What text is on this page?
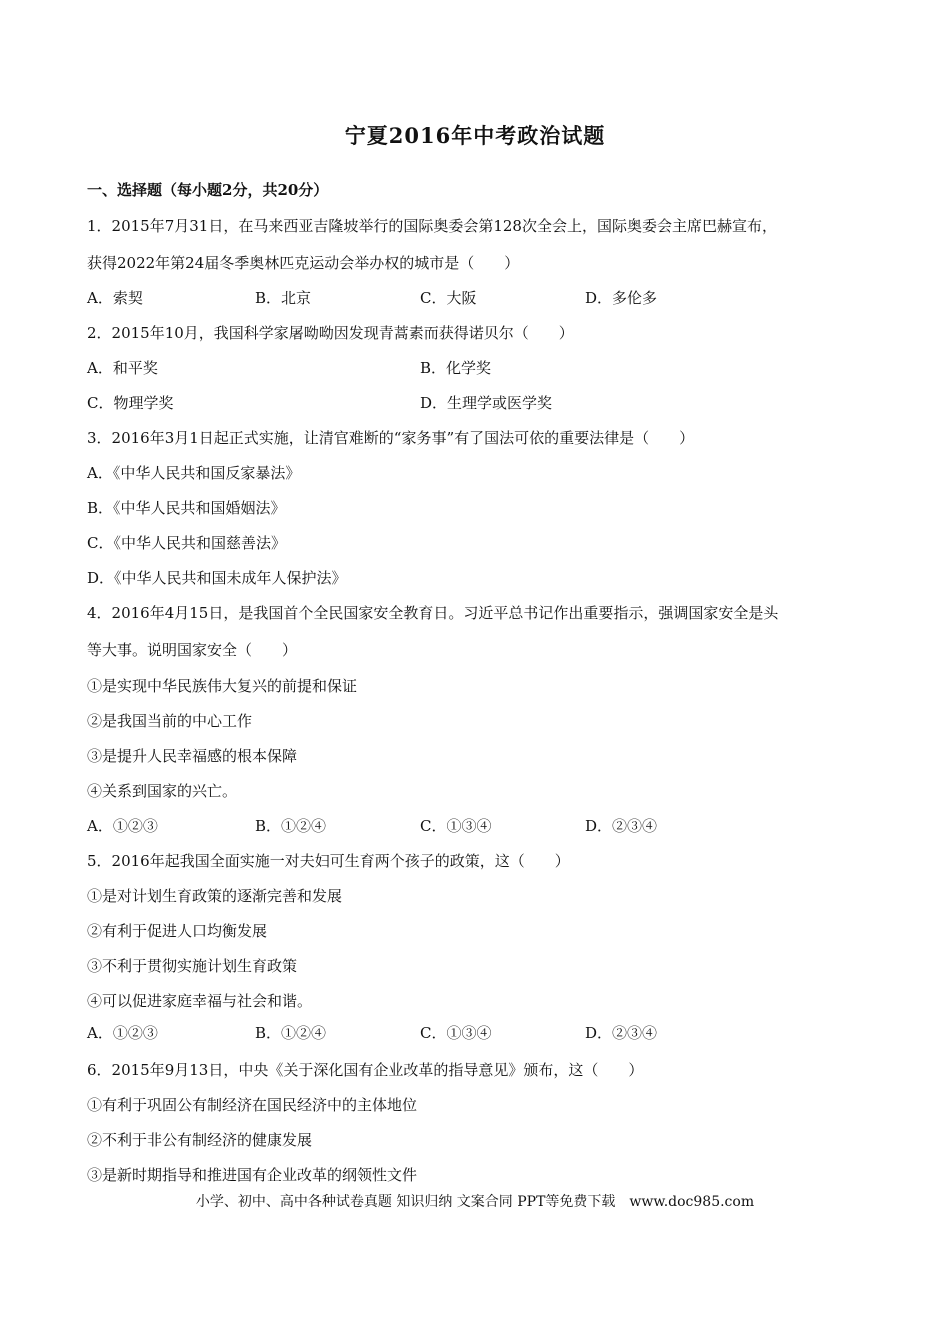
宁夏2016年中考政治试题
一、选择题（每小题2分，共20分）
1．2015年7月31日，在马来西亚吉隆坡举行的国际奥委会第128次全会上，国际奥委会主席巴赫宣布，
获得2022年第24届冬季奥林匹克运动会举办权的城市是（　　）
A．索契	B．北京	C．大阪	D．多伦多
2．2015年10月，我国科学家屠呦呦因发现青蒿素而获得诺贝尔（　　）
A．和平奖	B．化学奖
C．物理学奖	D．生理学或医学奖
3．2016年3月1日起正式实施，让清官难断的“家务事”有了国法可依的重要法律是（　　）
A．《中华人民共和国反家暴法》
B．《中华人民共和国婚姻法》
C．《中华人民共和国慈善法》
D．《中华人民共和国未成年人保护法》
4．2016年4月15日，是我国首个全民国家安全教育日。习近平总书记作出重要指示，强调国家安全是头
等大事。说明国家安全（　　）
①是实现中华民族伟大复兴的前提和保证
②是我国当前的中心工作
③是提升人民幸福感的根本保障
④关系到国家的兴亡。
A．①②③	B．①②④	C．①③④	D．②③④
5．2016年起我国全面实施一对夫妇可生育两个孩子的政策，这（　　）
①是对计划生育政策的逐渐完善和发展
②有利于促进人口均衡发展
③不利于贯彻实施计划生育政策
④可以促进家庭幸福与社会和谐。
A．①②③	B．①②④	C．①③④	D．②③④
6．2015年9月13日，中央《关于深化国有企业改革的指导意见》颁布，这（　　）
①有利于巩固公有制经济在国民经济中的主体地位
②不利于非公有制经济的健康发展
③是新时期指导和推进国有企业改革的纲领性文件
小学、初中、高中各种试卷真题 知识归纳 文案合同 PPT等免费下载　www.doc985.com
